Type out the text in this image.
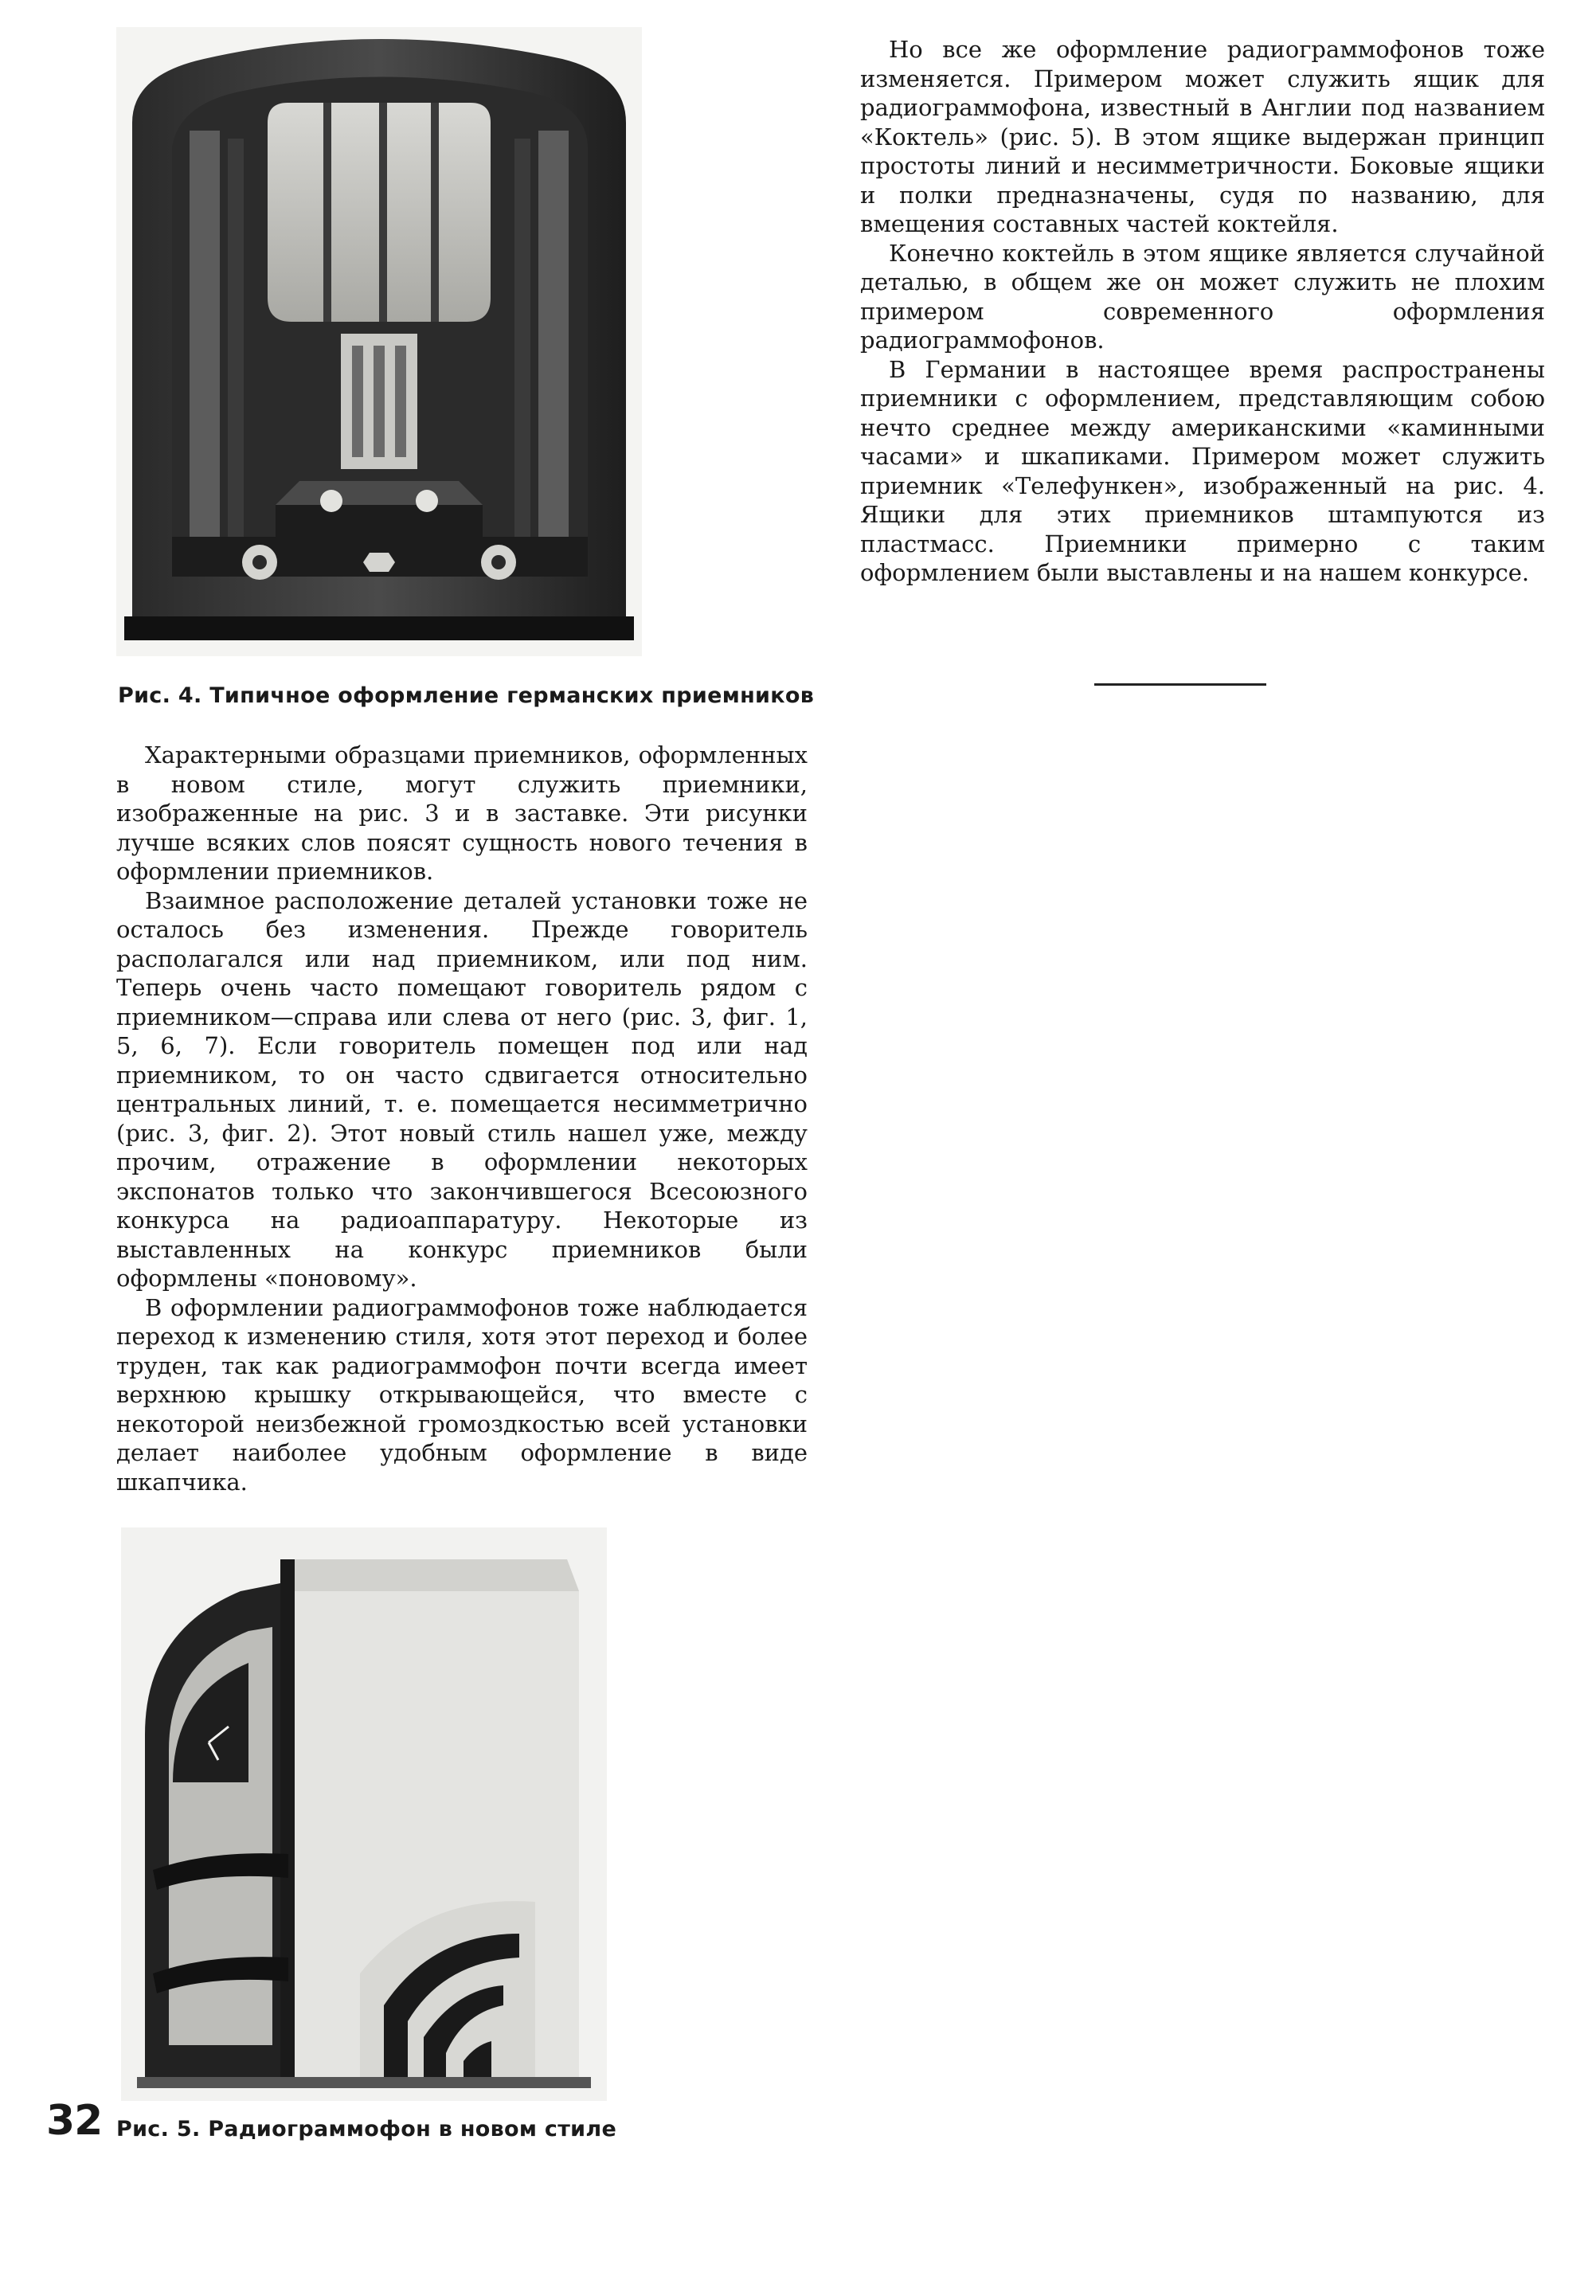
Рис. 4. Типичное оформление германских приемников

Характерными образцами приемников, оформленных в новом стиле, могут служить приемники, изображенные на рис. 3 и в заставке. Эти рисунки лучше всяких слов поясят сущность нового течения в оформлении приемников.

Взаимное расположение деталей установки тоже не осталось без изменения. Прежде говоритель располагался или над приемником, или под ним. Теперь очень часто помещают говоритель рядом с приемником—справа или слева от него (рис. 3, фиг. 1, 5, 6, 7). Если говоритель помещен под или над приемником, то он часто сдвигается относительно центральных линий, т. е. помещается несимметрично (рис. 3, фиг. 2). Этот новый стиль нашел уже, между прочим, отражение в оформлении некоторых экспонатов только что закончившегося Всесоюзного конкурса на радиоаппаратуру. Некоторые из выставленных на конкурс приемников были оформлены «поновому».

В оформлении радиограммофонов тоже наблюдается переход к изменению стиля, хотя этот переход и более труден, так как радиограммофон почти всегда имеет верхнюю крышку открывающейся, что вместе с некоторой неизбежной громоздкостью всей установки делает наиболее удобным оформление в виде шкапчика.

Но все же оформление радиограммофонов тоже изменяется. Примером может служить ящик для радиограммофона, известный в Англии под названием «Коктель» (рис. 5). В этом ящике выдержан принцип простоты линий и несимметричности. Боковые ящики и полки предназначены, судя по названию, для вмещения составных частей коктейля.

Конечно коктейль в этом ящике является случайной деталью, в общем же он может служить не плохим примером современного оформления радиограммофонов.

В Германии в настоящее время распространены приемники с оформлением, представляющим собою нечто среднее между американскими «каминными часами» и шкапиками. Примером может служить приемник «Телефункен», изображенный на рис. 4. Ящики для этих приемников штампуются из пластмасс. Приемники примерно с таким оформлением были выставлены и на нашем конкурсе.

32 Рис. 5. Радиограммофон в новом стиле
